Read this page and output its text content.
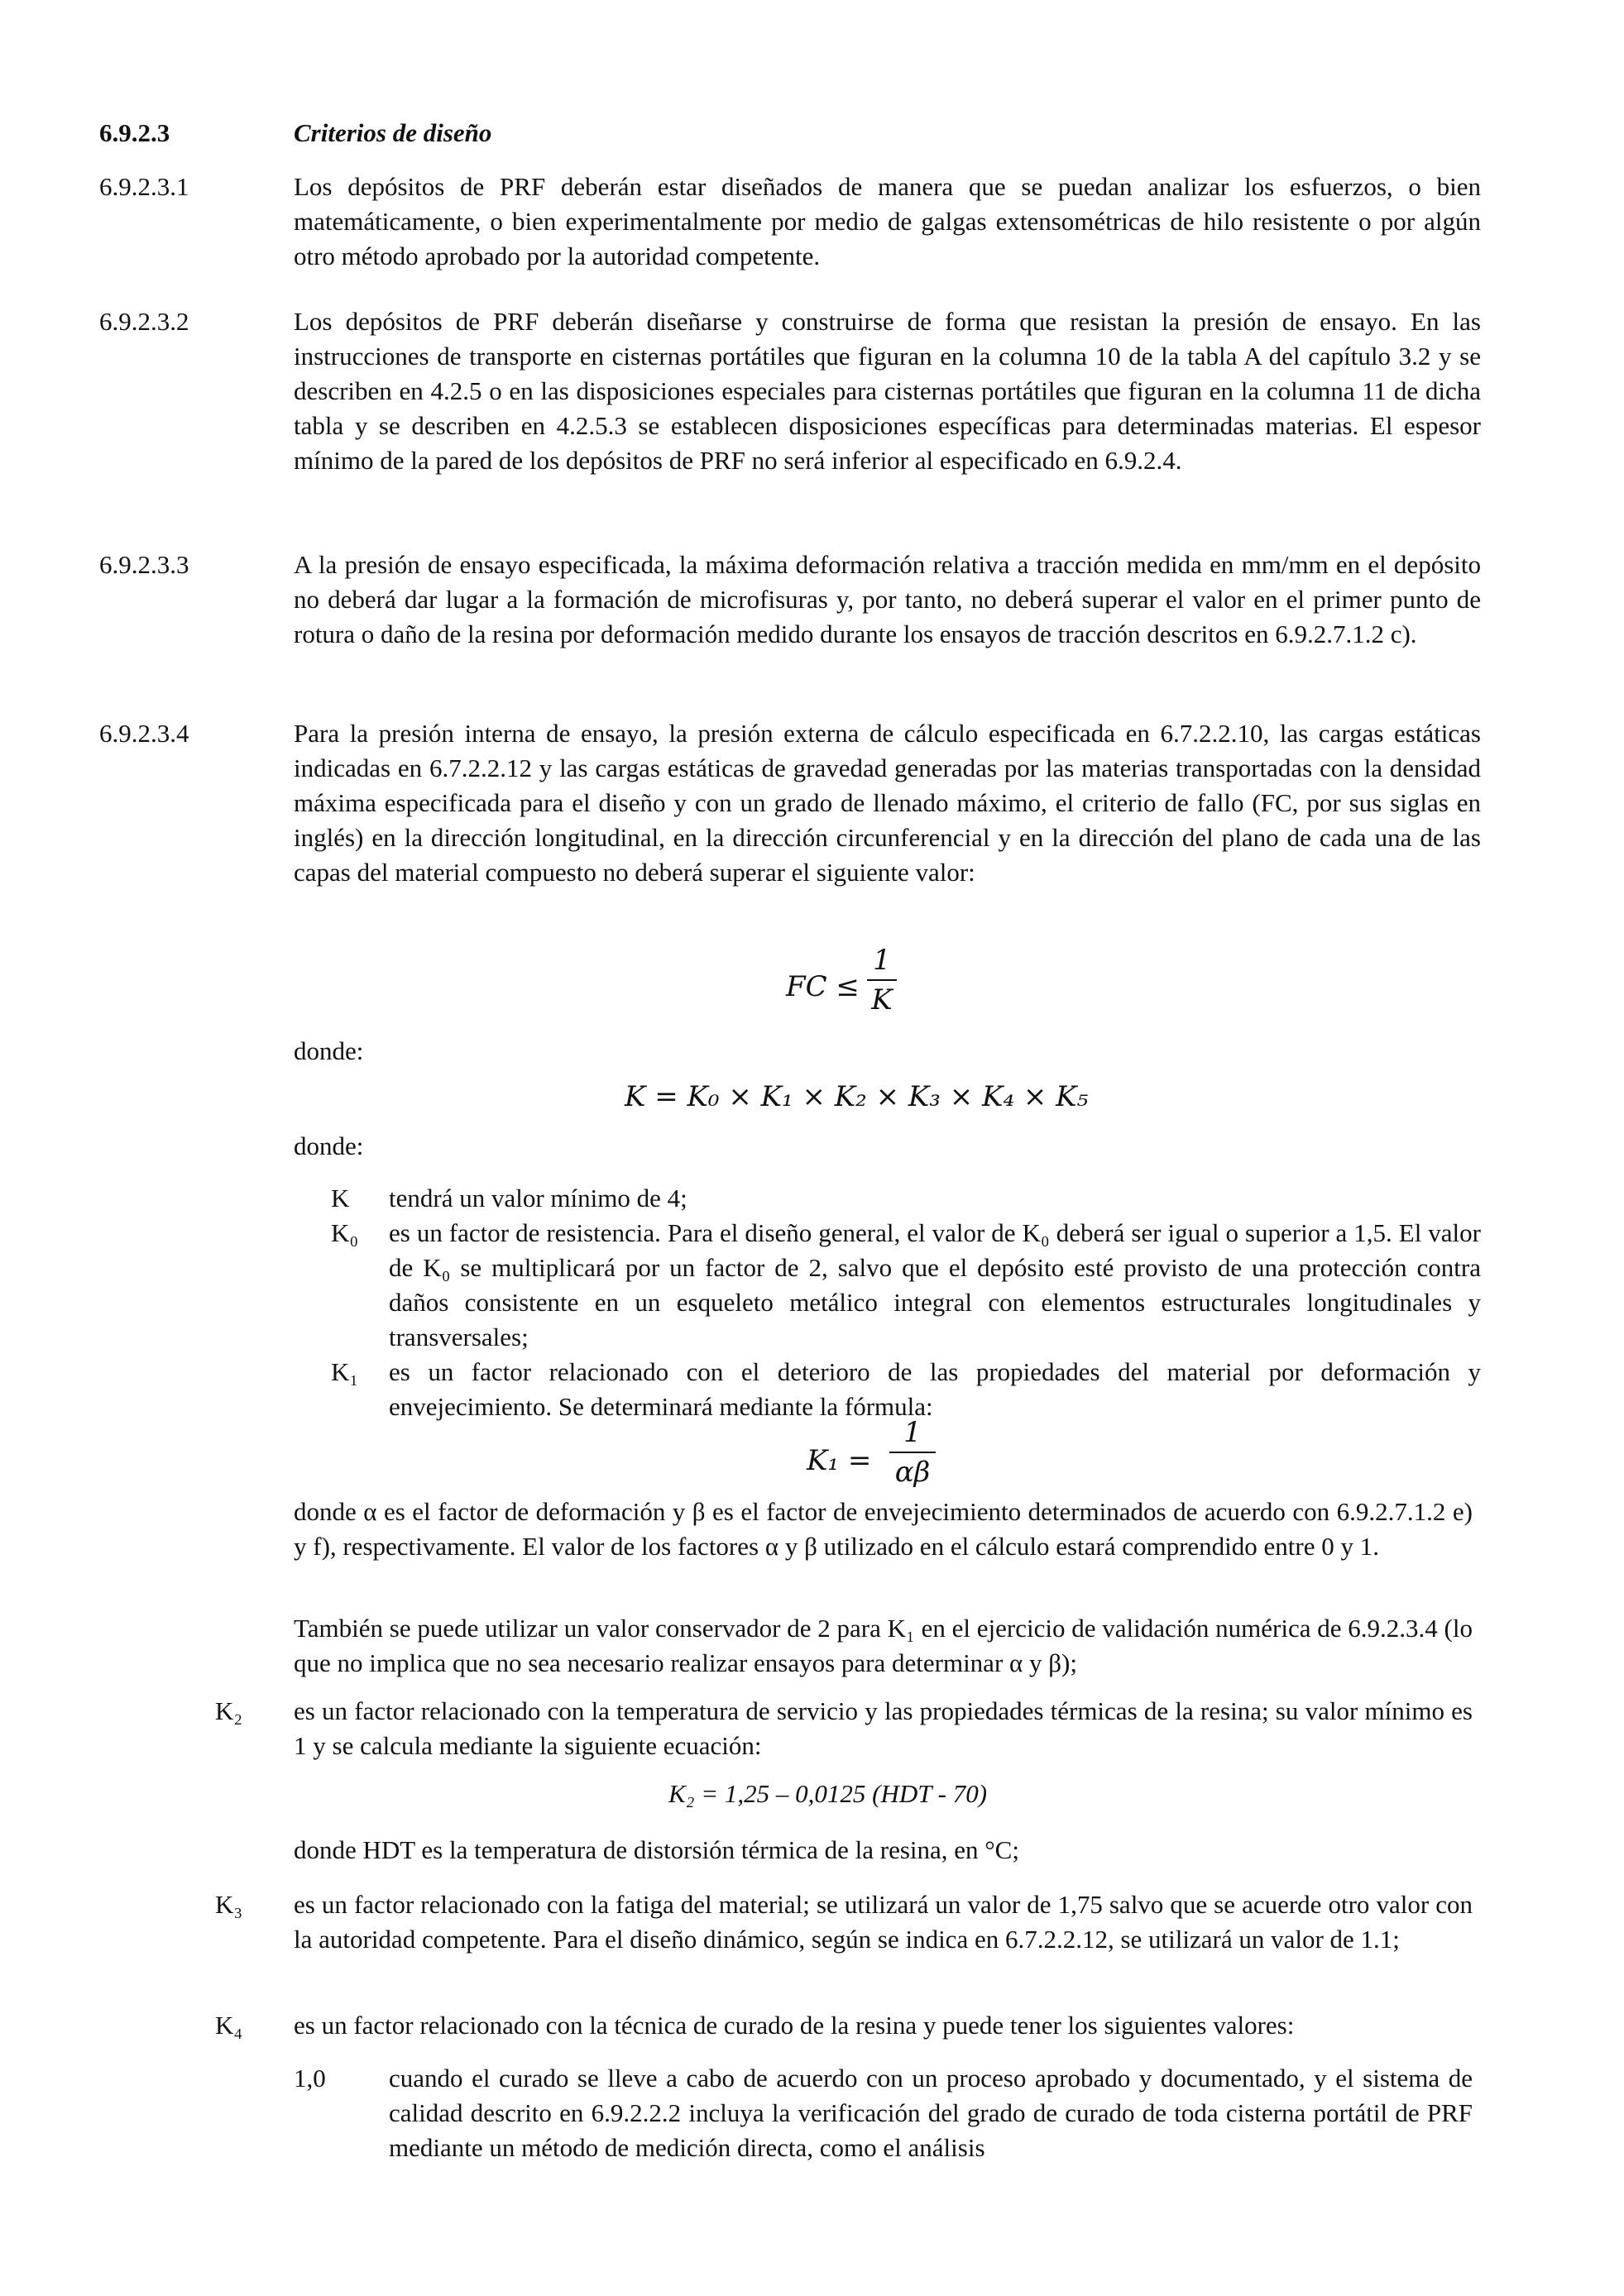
6.9.2.3	Criterios de diseño
6.9.2.3.1	Los depósitos de PRF deberán estar diseñados de manera que se puedan analizar los esfuerzos, o bien matemáticamente, o bien experimentalmente por medio de galgas extensométricas de hilo resistente o por algún otro método aprobado por la autoridad competente.
6.9.2.3.2	Los depósitos de PRF deberán diseñarse y construirse de forma que resistan la presión de ensayo. En las instrucciones de transporte en cisternas portátiles que figuran en la columna 10 de la tabla A del capítulo 3.2 y se describen en 4.2.5 o en las disposiciones especiales para cisternas portátiles que figuran en la columna 11 de dicha tabla y se describen en 4.2.5.3 se establecen disposiciones específicas para determinadas materias. El espesor mínimo de la pared de los depósitos de PRF no será inferior al especificado en 6.9.2.4.
6.9.2.3.3	A la presión de ensayo especificada, la máxima deformación relativa a tracción medida en mm/mm en el depósito no deberá dar lugar a la formación de microfisuras y, por tanto, no deberá superar el valor en el primer punto de rotura o daño de la resina por deformación medido durante los ensayos de tracción descritos en 6.9.2.7.1.2 c).
6.9.2.3.4	Para la presión interna de ensayo, la presión externa de cálculo especificada en 6.7.2.2.10, las cargas estáticas indicadas en 6.7.2.2.12 y las cargas estáticas de gravedad generadas por las materias transportadas con la densidad máxima especificada para el diseño y con un grado de llenado máximo, el criterio de fallo (FC, por sus siglas en inglés) en la dirección longitudinal, en la dirección circunferencial y en la dirección del plano de cada una de las capas del material compuesto no deberá superar el siguiente valor:
FC ≤
1
K
donde:
K = K₀ × K₁ × K₂ × K₃ × K₄ × K₅
donde:
K	tendrá un valor mínimo de 4;
K₀	es un factor de resistencia. Para el diseño general, el valor de K₀ deberá ser igual o superior a 1,5. El valor de K₀ se multiplicará por un factor de 2, salvo que el depósito esté provisto de una protección contra daños consistente en un esqueleto metálico integral con elementos estructurales longitudinales y transversales;
K₁	es un factor relacionado con el deterioro de las propiedades del material por deformación y envejecimiento. Se determinará mediante la fórmula:
K₁ =
1
αβ
donde α es el factor de deformación y β es el factor de envejecimiento determinados de acuerdo con 6.9.2.7.1.2 e) y f), respectivamente. El valor de los factores α y β utilizado en el cálculo estará comprendido entre 0 y 1.
También se puede utilizar un valor conservador de 2 para K₁ en el ejercicio de validación numérica de 6.9.2.3.4 (lo que no implica que no sea necesario realizar ensayos para determinar α y β);
K₂ es un factor relacionado con la temperatura de servicio y las propiedades térmicas de la resina; su valor mínimo es 1 y se calcula mediante la siguiente ecuación:
K₂ = 1,25 – 0,0125 (HDT - 70)
donde HDT es la temperatura de distorsión térmica de la resina, en °C;
K₃ es un factor relacionado con la fatiga del material; se utilizará un valor de 1,75 salvo que se acuerde otro valor con la autoridad competente. Para el diseño dinámico, según se indica en 6.7.2.2.12, se utilizará un valor de 1.1;
K₄ es un factor relacionado con la técnica de curado de la resina y puede tener los siguientes valores:
1,0 cuando el curado se lleve a cabo de acuerdo con un proceso aprobado y documentado, y el sistema de calidad descrito en 6.9.2.2.2 incluya la verificación del grado de curado de toda cisterna portátil de PRF mediante un método de medición directa, como el análisis
